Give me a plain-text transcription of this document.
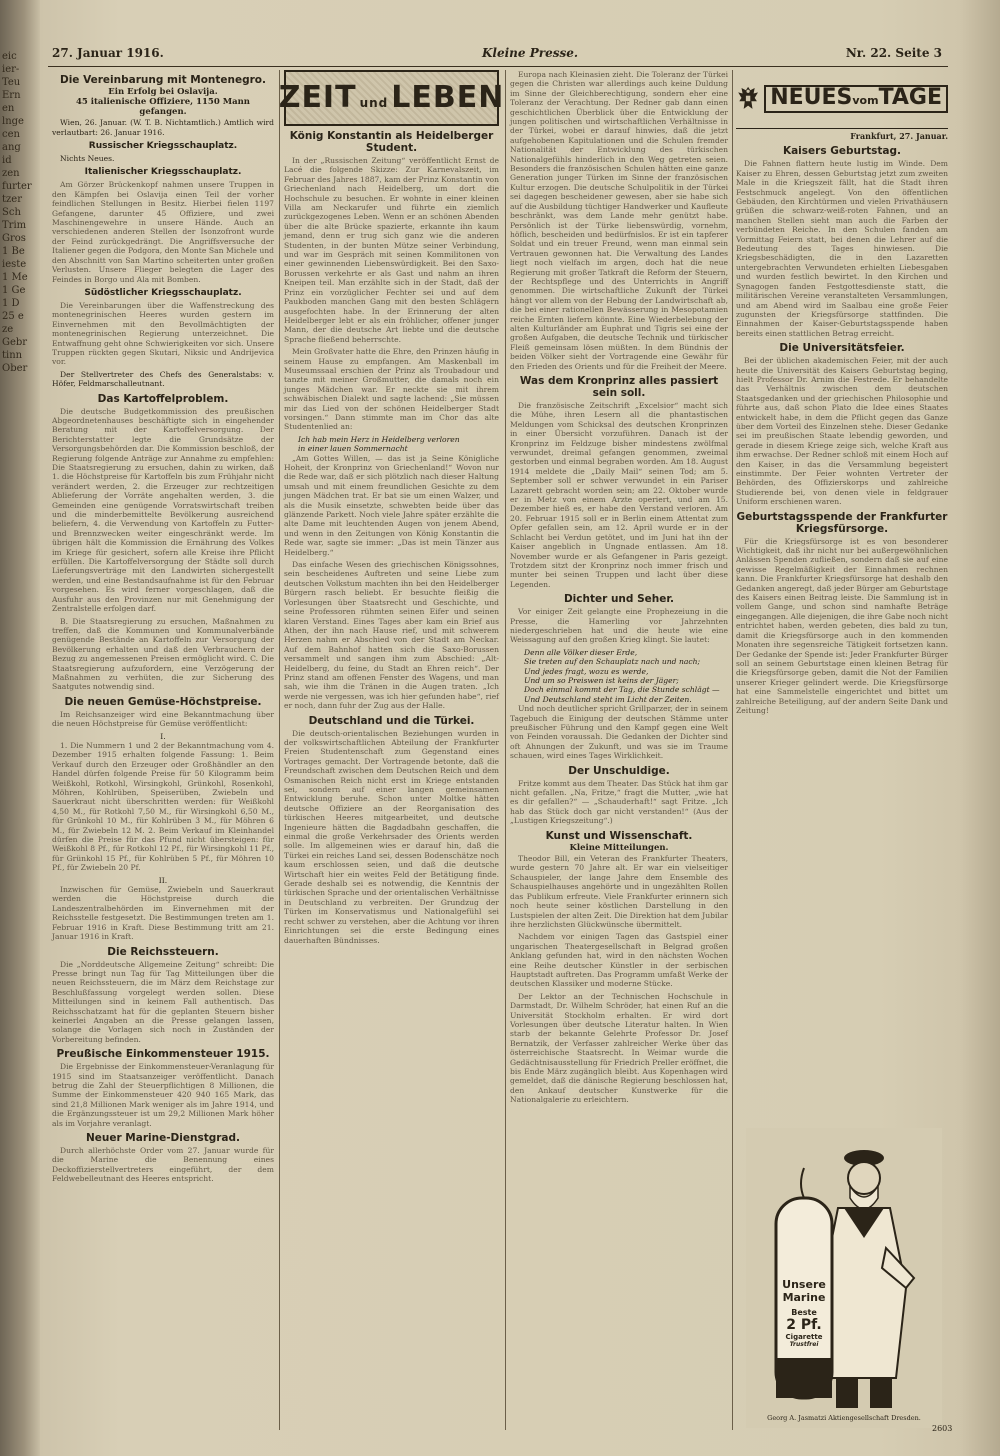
eic
ier-
Teu
Ern
en
lnge
cen
ang
id
zen
furter
tzer
Sch
Trim
Gros
1 Be
ieste
1 Me
1 Ge
1 D
25 e
ze
Gebr
tinn
Ober
27. Januar 1916.	Kleine Presse.	Nr. 22. Seite 3
Die Vereinbarung mit Montenegro.
Ein Erfolg bei Oslavija.
45 italienische Offiziere, 1150 Mann gefangen.

Wien, 26. Januar. (W. T. B. Nichtamtlich.) Amtlich wird verlautbart: 26. Januar 1916.

Russischer Kriegsschauplatz.

Nichts Neues.

Italienischer Kriegsschauplatz.

Am Görzer Brückenkopf nahmen unsere Truppen in den Kämpfen bei Oslavija einen Teil der vorher feindlichen Stellungen in Besitz. Hierbei fielen 1197 Gefangene, darunter 45 Offiziere, und zwei Maschinengewehre in unsere Hände. Auch an verschiedenen anderen Stellen der Isonzofront wurde der Feind zurückgedrängt. Die Angriffsversuche der Italiener gegen die Podgora, den Monte San Michele und den Abschnitt von San Martino scheiterten unter großen Verlusten. Unsere Flieger belegten die Lager des Feindes in Borgo und Ala mit Bomben.

Südöstlicher Kriegsschauplatz.

Die Vereinbarungen über die Waffenstreckung des montenegrinischen Heeres wurden gestern im Einvernehmen mit den Bevollmächtigten der montenegrinischen Regierung unterzeichnet. Die Entwaffnung geht ohne Schwierigkeiten vor sich. Unsere Truppen rückten gegen Skutari, Niksic und Andrijevica vor.

Der Stellvertreter des Chefs des Generalstabs: v. Höfer, Feldmarschalleutnant.

Das Kartoffelproblem.

Die deutsche Budgetkommission des preußischen Abgeordnetenhauses beschäftigte sich in eingehender Beratung mit der Kartoffelversorgung. Der Berichterstatter legte die Grundsätze der Versorgungsbehörden dar. Die Kommission beschloß, der Regierung folgende Anträge zur Annahme zu empfehlen: Die Staatsregierung zu ersuchen, dahin zu wirken, daß 1. die Höchstpreise für Kartoffeln bis zum Frühjahr nicht verändert werden, 2. die Erzeuger zur rechtzeitigen Ablieferung der Vorräte angehalten werden, 3. die Gemeinden eine genügende Vorratswirtschaft treiben und die minderbemittelte Bevölkerung ausreichend beliefern, 4. die Verwendung von Kartoffeln zu Futter- und Brennzwecken weiter eingeschränkt werde. Im übrigen hält die Kommission die Ernährung des Volkes im Kriege für gesichert, sofern alle Kreise ihre Pflicht erfüllen. Die Kartoffelversorgung der Städte soll durch Lieferungsverträge mit den Landwirten sichergestellt werden, und eine Bestandsaufnahme ist für den Februar vorgesehen. Es wird ferner vorgeschlagen, daß die Ausfuhr aus den Provinzen nur mit Genehmigung der Zentralstelle erfolgen darf.

B. Die Staatsregierung zu ersuchen, Maßnahmen zu treffen, daß die Kommunen und Kommunalverbände genügende Bestände an Kartoffeln zur Versorgung der Bevölkerung erhalten und daß den Verbrauchern der Bezug zu angemessenen Preisen ermöglicht wird. C. Die Staatsregierung aufzufordern, eine Verzögerung der Maßnahmen zu verhüten, die zur Sicherung des Saatgutes notwendig sind.

Die neuen Gemüse-Höchstpreise.

Im Reichsanzeiger wird eine Bekanntmachung über die neuen Höchstpreise für Gemüse veröffentlicht:

I.

1. Die Nummern 1 und 2 der Bekanntmachung vom 4. Dezember 1915 erhalten folgende Fassung: 1. Beim Verkauf durch den Erzeuger oder Großhändler an den Handel dürfen folgende Preise für 50 Kilogramm beim Weißkohl, Rotkohl, Wirsingkohl, Grünkohl, Rosenkohl, Möhren, Kohlrüben, Speiserüben, Zwiebeln und Sauerkraut nicht überschritten werden: für Weißkohl 4,50 M., für Rotkohl 7,50 M., für Wirsingkohl 6,50 M., für Grünkohl 10 M., für Kohlrüben 3 M., für Möhren 6 M., für Zwiebeln 12 M. 2. Beim Verkauf im Kleinhandel dürfen die Preise für das Pfund nicht übersteigen: für Weißkohl 8 Pf., für Rotkohl 12 Pf., für Wirsingkohl 11 Pf., für Grünkohl 15 Pf., für Kohlrüben 5 Pf., für Möhren 10 Pf., für Zwiebeln 20 Pf.

II.

Inzwischen für Gemüse, Zwiebeln und Sauerkraut werden die Höchstpreise durch die Landeszentralbehörden im Einvernehmen mit der Reichsstelle festgesetzt. Die Bestimmungen treten am 1. Februar 1916 in Kraft. Diese Bestimmung tritt am 21. Januar 1916 in Kraft.

Die Reichssteuern.

Die „Norddeutsche Allgemeine Zeitung“ schreibt: Die Presse bringt nun Tag für Tag Mitteilungen über die neuen Reichssteuern, die im März dem Reichstage zur Beschlußfassung vorgelegt werden sollen. Diese Mitteilungen sind in keinem Fall authentisch. Das Reichsschatzamt hat für die geplanten Steuern bisher keinerlei Angaben an die Presse gelangen lassen, solange die Vorlagen sich noch in Zuständen der Vorbereitung befinden.

Preußische Einkommensteuer 1915.

Die Ergebnisse der Einkommensteuer-Veranlagung für 1915 sind im Staatsanzeiger veröffentlicht. Danach betrug die Zahl der Steuerpflichtigen 8 Millionen, die Summe der Einkommensteuer 420 940 165 Mark, das sind 21,8 Millionen Mark weniger als im Jahre 1914, und die Ergänzungssteuer ist um 29,2 Millionen Mark höher als im Vorjahre veranlagt.

Neuer Marine-Dienstgrad.

Durch allerhöchste Order vom 27. Januar wurde für die Marine die Benennung eines Deckoffizierstellvertreters eingeführt, der dem Feldwebelleutnant des Heeres entspricht.

ZEIT und LEBEN
König Konstantin als Heidelberger Student.

In der „Russischen Zeitung“ veröffentlicht Ernst de Lacé die folgende Skizze: Zur Karnevalszeit, im Februar des Jahres 1887, kam der Prinz Konstantin von Griechenland nach Heidelberg, um dort die Hochschule zu besuchen. Er wohnte in einer kleinen Villa am Neckarufer und führte ein ziemlich zurückgezogenes Leben. Wenn er an schönen Abenden über die alte Brücke spazierte, erkannte ihn kaum jemand, denn er trug sich ganz wie die anderen Studenten, in der bunten Mütze seiner Verbindung, und war im Gespräch mit seinen Kommilitonen von einer gewinnenden Liebenswürdigkeit. Bei den Saxo-Borussen verkehrte er als Gast und nahm an ihren Kneipen teil. Man erzählte sich in der Stadt, daß der Prinz ein vorzüglicher Fechter sei und auf dem Paukboden manchen Gang mit den besten Schlägern ausgefochten habe. In der Erinnerung der alten Heidelberger lebt er als ein fröhlicher, offener junger Mann, der die deutsche Art liebte und die deutsche Sprache fließend beherrschte.

Mein Großvater hatte die Ehre, den Prinzen häufig in seinem Hause zu empfangen. Am Maskenball im Museumssaal erschien der Prinz als Troubadour und tanzte mit meiner Großmutter, die damals noch ein junges Mädchen war. Er neckte sie mit ihrem schwäbischen Dialekt und sagte lachend: „Sie müssen mir das Lied von der schönen Heidelberger Stadt vorsingen.“ Dann stimmte man im Chor das alte Studentenlied an:

Ich hab mein Herz in Heidelberg verloren
in einer lauen Sommernacht

„Am Gottes Willen, — das ist ja Seine Königliche Hoheit, der Kronprinz von Griechenland!“ Wovon nur die Rede war, daß er sich plötzlich nach dieser Haltung umsah und mit einem freundlichen Gesichte zu dem jungen Mädchen trat. Er bat sie um einen Walzer, und als die Musik einsetzte, schwebten beide über das glänzende Parkett. Noch viele Jahre später erzählte die alte Dame mit leuchtenden Augen von jenem Abend, und wenn in den Zeitungen von König Konstantin die Rede war, sagte sie immer: „Das ist mein Tänzer aus Heidelberg.“

Das einfache Wesen des griechischen Königssohnes, sein bescheidenes Auftreten und seine Liebe zum deutschen Volkstum machten ihn bei den Heidelberger Bürgern rasch beliebt. Er besuchte fleißig die Vorlesungen über Staatsrecht und Geschichte, und seine Professoren rühmten seinen Eifer und seinen klaren Verstand. Eines Tages aber kam ein Brief aus Athen, der ihn nach Hause rief, und mit schwerem Herzen nahm er Abschied von der Stadt am Neckar. Auf dem Bahnhof hatten sich die Saxo-Borussen versammelt und sangen ihm zum Abschied: „Alt-Heidelberg, du feine, du Stadt an Ehren reich“. Der Prinz stand am offenen Fenster des Wagens, und man sah, wie ihm die Tränen in die Augen traten. „Ich werde nie vergessen, was ich hier gefunden habe“, rief er noch, dann fuhr der Zug aus der Halle.

Deutschland und die Türkei.

Die deutsch-orientalischen Beziehungen wurden in der volkswirtschaftlichen Abteilung der Frankfurter Freien Studentenschaft zum Gegenstand eines Vortrages gemacht. Der Vortragende betonte, daß die Freundschaft zwischen dem Deutschen Reich und dem Osmanischen Reich nicht erst im Kriege entstanden sei, sondern auf einer langen gemeinsamen Entwicklung beruhe. Schon unter Moltke hätten deutsche Offiziere an der Reorganisation des türkischen Heeres mitgearbeitet, und deutsche Ingenieure hätten die Bagdadbahn geschaffen, die einmal die große Verkehrsader des Orients werden solle. Im allgemeinen wies er darauf hin, daß die Türkei ein reiches Land sei, dessen Bodenschätze noch kaum erschlossen seien, und daß die deutsche Wirtschaft hier ein weites Feld der Betätigung finde. Gerade deshalb sei es notwendig, die Kenntnis der türkischen Sprache und der orientalischen Verhältnisse in Deutschland zu verbreiten. Der Grundzug der Türken im Konservatismus und Nationalgefühl sei recht schwer zu verstehen, aber die Achtung vor ihren Einrichtungen sei die erste Bedingung eines dauerhaften Bündnisses.

Europa nach Kleinasien zieht. Die Toleranz der Türkei gegen die Christen war allerdings auch keine Duldung im Sinne der Gleichberechtigung, sondern eher eine Toleranz der Verachtung. Der Redner gab dann einen geschichtlichen Überblick über die Entwicklung der jungen politischen und wirtschaftlichen Verhältnisse in der Türkei, wobei er darauf hinwies, daß die jetzt aufgehobenen Kapitulationen und die Schulen fremder Nationalität der Entwicklung des türkischen Nationalgefühls hinderlich in den Weg getreten seien. Besonders die französischen Schulen hätten eine ganze Generation junger Türken im Sinne der französischen Kultur erzogen. Die deutsche Schulpolitik in der Türkei sei dagegen bescheidener gewesen, aber sie habe sich auf die Ausbildung tüchtiger Handwerker und Kaufleute beschränkt, was dem Lande mehr genützt habe. Persönlich ist der Türke liebenswürdig, vornehm, höflich, bescheiden und bedürfnislos. Er ist ein tapferer Soldat und ein treuer Freund, wenn man einmal sein Vertrauen gewonnen hat. Die Verwaltung des Landes liegt noch vielfach im argen, doch hat die neue Regierung mit großer Tatkraft die Reform der Steuern, der Rechtspflege und des Unterrichts in Angriff genommen. Die wirtschaftliche Zukunft der Türkei hängt vor allem von der Hebung der Landwirtschaft ab, die bei einer rationellen Bewässerung in Mesopotamien reiche Ernten liefern könnte. Eine Wiederbelebung der alten Kulturländer am Euphrat und Tigris sei eine der großen Aufgaben, die deutsche Technik und türkischer Fleiß gemeinsam lösen müßten. In dem Bündnis der beiden Völker sieht der Vortragende eine Gewähr für den Frieden des Orients und für die Freiheit der Meere.

Was dem Kronprinz alles passiert sein soll.

Die französische Zeitschrift „Excelsior“ macht sich die Mühe, ihren Lesern all die phantastischen Meldungen vom Schicksal des deutschen Kronprinzen in einer Übersicht vorzuführen. Danach ist der Kronprinz im Feldzuge bisher mindestens zwölfmal verwundet, dreimal gefangen genommen, zweimal gestorben und einmal begraben worden. Am 18. August 1914 meldete die „Daily Mail“ seinen Tod; am 5. September soll er schwer verwundet in ein Pariser Lazarett gebracht worden sein; am 22. Oktober wurde er in Metz von einem Arzte operiert, und am 15. Dezember hieß es, er habe den Verstand verloren. Am 20. Februar 1915 soll er in Berlin einem Attentat zum Opfer gefallen sein, am 12. April wurde er in der Schlacht bei Verdun getötet, und im Juni hat ihn der Kaiser angeblich in Ungnade entlassen. Am 18. November wurde er als Gefangener in Paris gezeigt. Trotzdem sitzt der Kronprinz noch immer frisch und munter bei seinen Truppen und lacht über diese Legenden.

Dichter und Seher.

Vor einiger Zeit gelangte eine Prophezeiung in die Presse, die Hamerling vor Jahrzehnten niedergeschrieben hat und die heute wie eine Weissagung auf den großen Krieg klingt. Sie lautet:

Denn alle Völker dieser Erde,
Sie treten auf den Schauplatz nach und nach;
Und jedes fragt, wozu es werde,
Und um so Preiswen ist keins der Jäger;
Doch einmal kommt der Tag, die Stunde schlägt —
Und Deutschland steht im Licht der Zeiten.

Und noch deutlicher spricht Grillparzer, der in seinem Tagebuch die Einigung der deutschen Stämme unter preußischer Führung und den Kampf gegen eine Welt von Feinden voraussah. Die Gedanken der Dichter sind oft Ahnungen der Zukunft, und was sie im Traume schauen, wird eines Tages Wirklichkeit.

Der Unschuldige.

Fritze kommt aus dem Theater. Das Stück hat ihm gar nicht gefallen. „Na, Fritze,“ fragt die Mutter, „wie hat es dir gefallen?“ — „Schauderhaft!“ sagt Fritze. „Ich hab das Stück doch gar nicht verstanden!“ (Aus der „Lustigen Kriegszeitung“.)

Kunst und Wissenschaft.
Kleine Mitteilungen.

Theodor Bill, ein Veteran des Frankfurter Theaters, wurde gestern 70 Jahre alt. Er war ein vielseitiger Schauspieler, der lange Jahre dem Ensemble des Schauspielhauses angehörte und in ungezählten Rollen das Publikum erfreute. Viele Frankfurter erinnern sich noch heute seiner köstlichen Darstellung in den Lustspielen der alten Zeit. Die Direktion hat dem Jubilar ihre herzlichsten Glückwünsche übermittelt.

Nachdem vor einigen Tagen das Gastspiel einer ungarischen Theatergesellschaft in Belgrad großen Anklang gefunden hat, wird in den nächsten Wochen eine Reihe deutscher Künstler in der serbischen Hauptstadt auftreten. Das Programm umfaßt Werke der deutschen Klassiker und moderne Stücke.

Der Lektor an der Technischen Hochschule in Darmstadt, Dr. Wilhelm Schröder, hat einen Ruf an die Universität Stockholm erhalten. Er wird dort Vorlesungen über deutsche Literatur halten. In Wien starb der bekannte Gelehrte Professor Dr. Josef Bernatzik, der Verfasser zahlreicher Werke über das österreichische Staatsrecht. In Weimar wurde die Gedächtnisausstellung für Friedrich Preller eröffnet, die bis Ende März zugänglich bleibt. Aus Kopenhagen wird gemeldet, daß die dänische Regierung beschlossen hat, den Ankauf deutscher Kunstwerke für die Nationalgalerie zu erleichtern.

NEUESvomTAGE
Frankfurt, 27. Januar.
Kaisers Geburtstag.

Die Fahnen flattern heute lustig im Winde. Dem Kaiser zu Ehren, dessen Geburtstag jetzt zum zweiten Male in die Kriegszeit fällt, hat die Stadt ihren Festschmuck angelegt. Von den öffentlichen Gebäuden, den Kirchtürmen und vielen Privathäusern grüßen die schwarz-weiß-roten Fahnen, und an manchen Stellen sieht man auch die Farben der verbündeten Reiche. In den Schulen fanden am Vormittag Feiern statt, bei denen die Lehrer auf die Bedeutung des Tages hinwiesen. Die Kriegsbeschädigten, die in den Lazaretten untergebrachten Verwundeten erhielten Liebesgaben und wurden festlich bewirtet. In den Kirchen und Synagogen fanden Festgottesdienste statt, die militärischen Vereine veranstalteten Versammlungen, und am Abend wird im Saalbau eine große Feier zugunsten der Kriegsfürsorge stattfinden. Die Einnahmen der Kaiser-Geburtstagsspende haben bereits einen stattlichen Betrag erreicht.

Die Universitätsfeier.

Bei der üblichen akademischen Feier, mit der auch heute die Universität des Kaisers Geburtstag beging, hielt Professor Dr. Arnim die Festrede. Er behandelte das Verhältnis zwischen dem deutschen Staatsgedanken und der griechischen Philosophie und führte aus, daß schon Plato die Idee eines Staates entwickelt habe, in dem die Pflicht gegen das Ganze über dem Vorteil des Einzelnen stehe. Dieser Gedanke sei im preußischen Staate lebendig geworden, und gerade in diesem Kriege zeige sich, welche Kraft aus ihm erwachse. Der Redner schloß mit einem Hoch auf den Kaiser, in das die Versammlung begeistert einstimmte. Der Feier wohnten Vertreter der Behörden, des Offizierskorps und zahlreiche Studierende bei, von denen viele in feldgrauer Uniform erschienen waren.

Geburtstagsspende der Frankfurter Kriegsfürsorge.

Für die Kriegsfürsorge ist es von besonderer Wichtigkeit, daß ihr nicht nur bei außergewöhnlichen Anlässen Spenden zufließen, sondern daß sie auf eine gewisse Regelmäßigkeit der Einnahmen rechnen kann. Die Frankfurter Kriegsfürsorge hat deshalb den Gedanken angeregt, daß jeder Bürger am Geburtstage des Kaisers einen Beitrag leiste. Die Sammlung ist in vollem Gange, und schon sind namhafte Beträge eingegangen. Alle diejenigen, die ihre Gabe noch nicht entrichtet haben, werden gebeten, dies bald zu tun, damit die Kriegsfürsorge auch in den kommenden Monaten ihre segensreiche Tätigkeit fortsetzen kann. Der Gedanke der Spende ist: Jeder Frankfurter Bürger soll an seinem Geburtstage einen kleinen Betrag für die Kriegsfürsorge geben, damit die Not der Familien unserer Krieger gelindert werde. Die Kriegsfürsorge hat eine Sammelstelle eingerichtet und bittet um zahlreiche Beteiligung, auf der andern Seite Dank und Zeitung!

Unsere
Marine
Beste
2 Pf.
Cigarette
Trustfrei
Georg A. Jasmatzi Aktiengesellschaft Dresden.
2603
